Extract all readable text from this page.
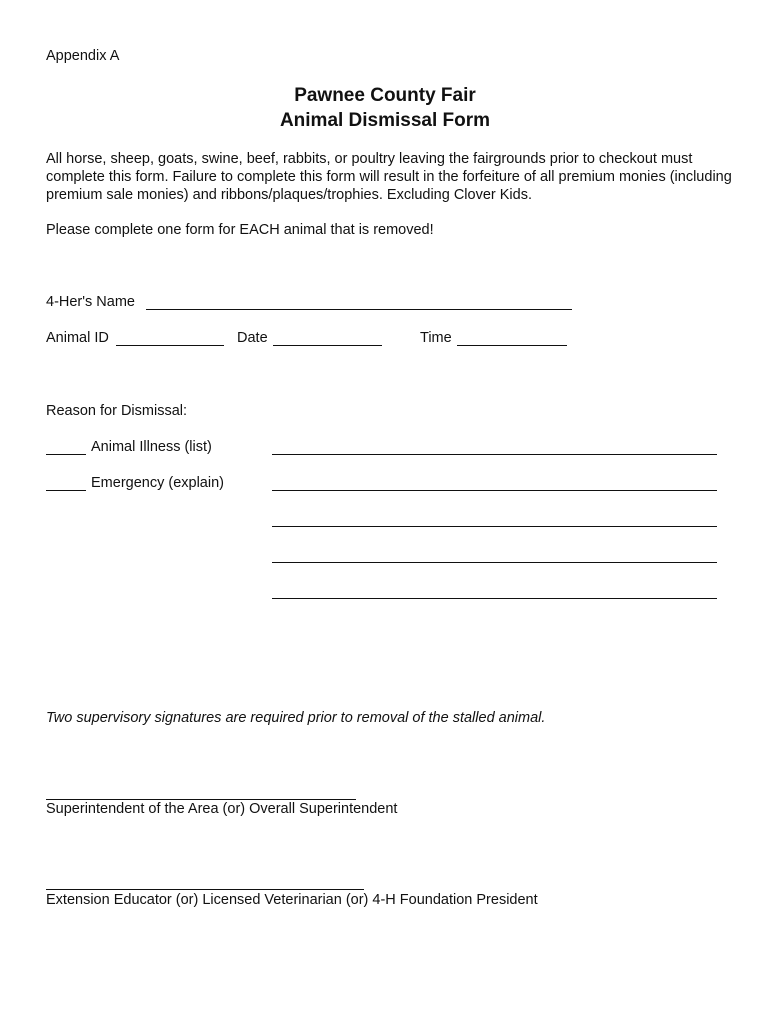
Appendix A
Pawnee County Fair
Animal Dismissal Form
All horse, sheep, goats, swine, beef, rabbits, or poultry leaving the fairgrounds prior to checkout must complete this form. Failure to complete this form will result in the forfeiture of all premium monies (including premium sale monies) and ribbons/plaques/trophies. Excluding Clover Kids.
Please complete one form for EACH animal that is removed!
4-Her's Name
Animal ID	Date	Time
Reason for Dismissal:
Animal Illness (list)
Emergency (explain)
Two supervisory signatures are required prior to removal of the stalled animal.
Superintendent of the Area (or) Overall Superintendent
Extension Educator (or) Licensed Veterinarian (or) 4-H Foundation President
